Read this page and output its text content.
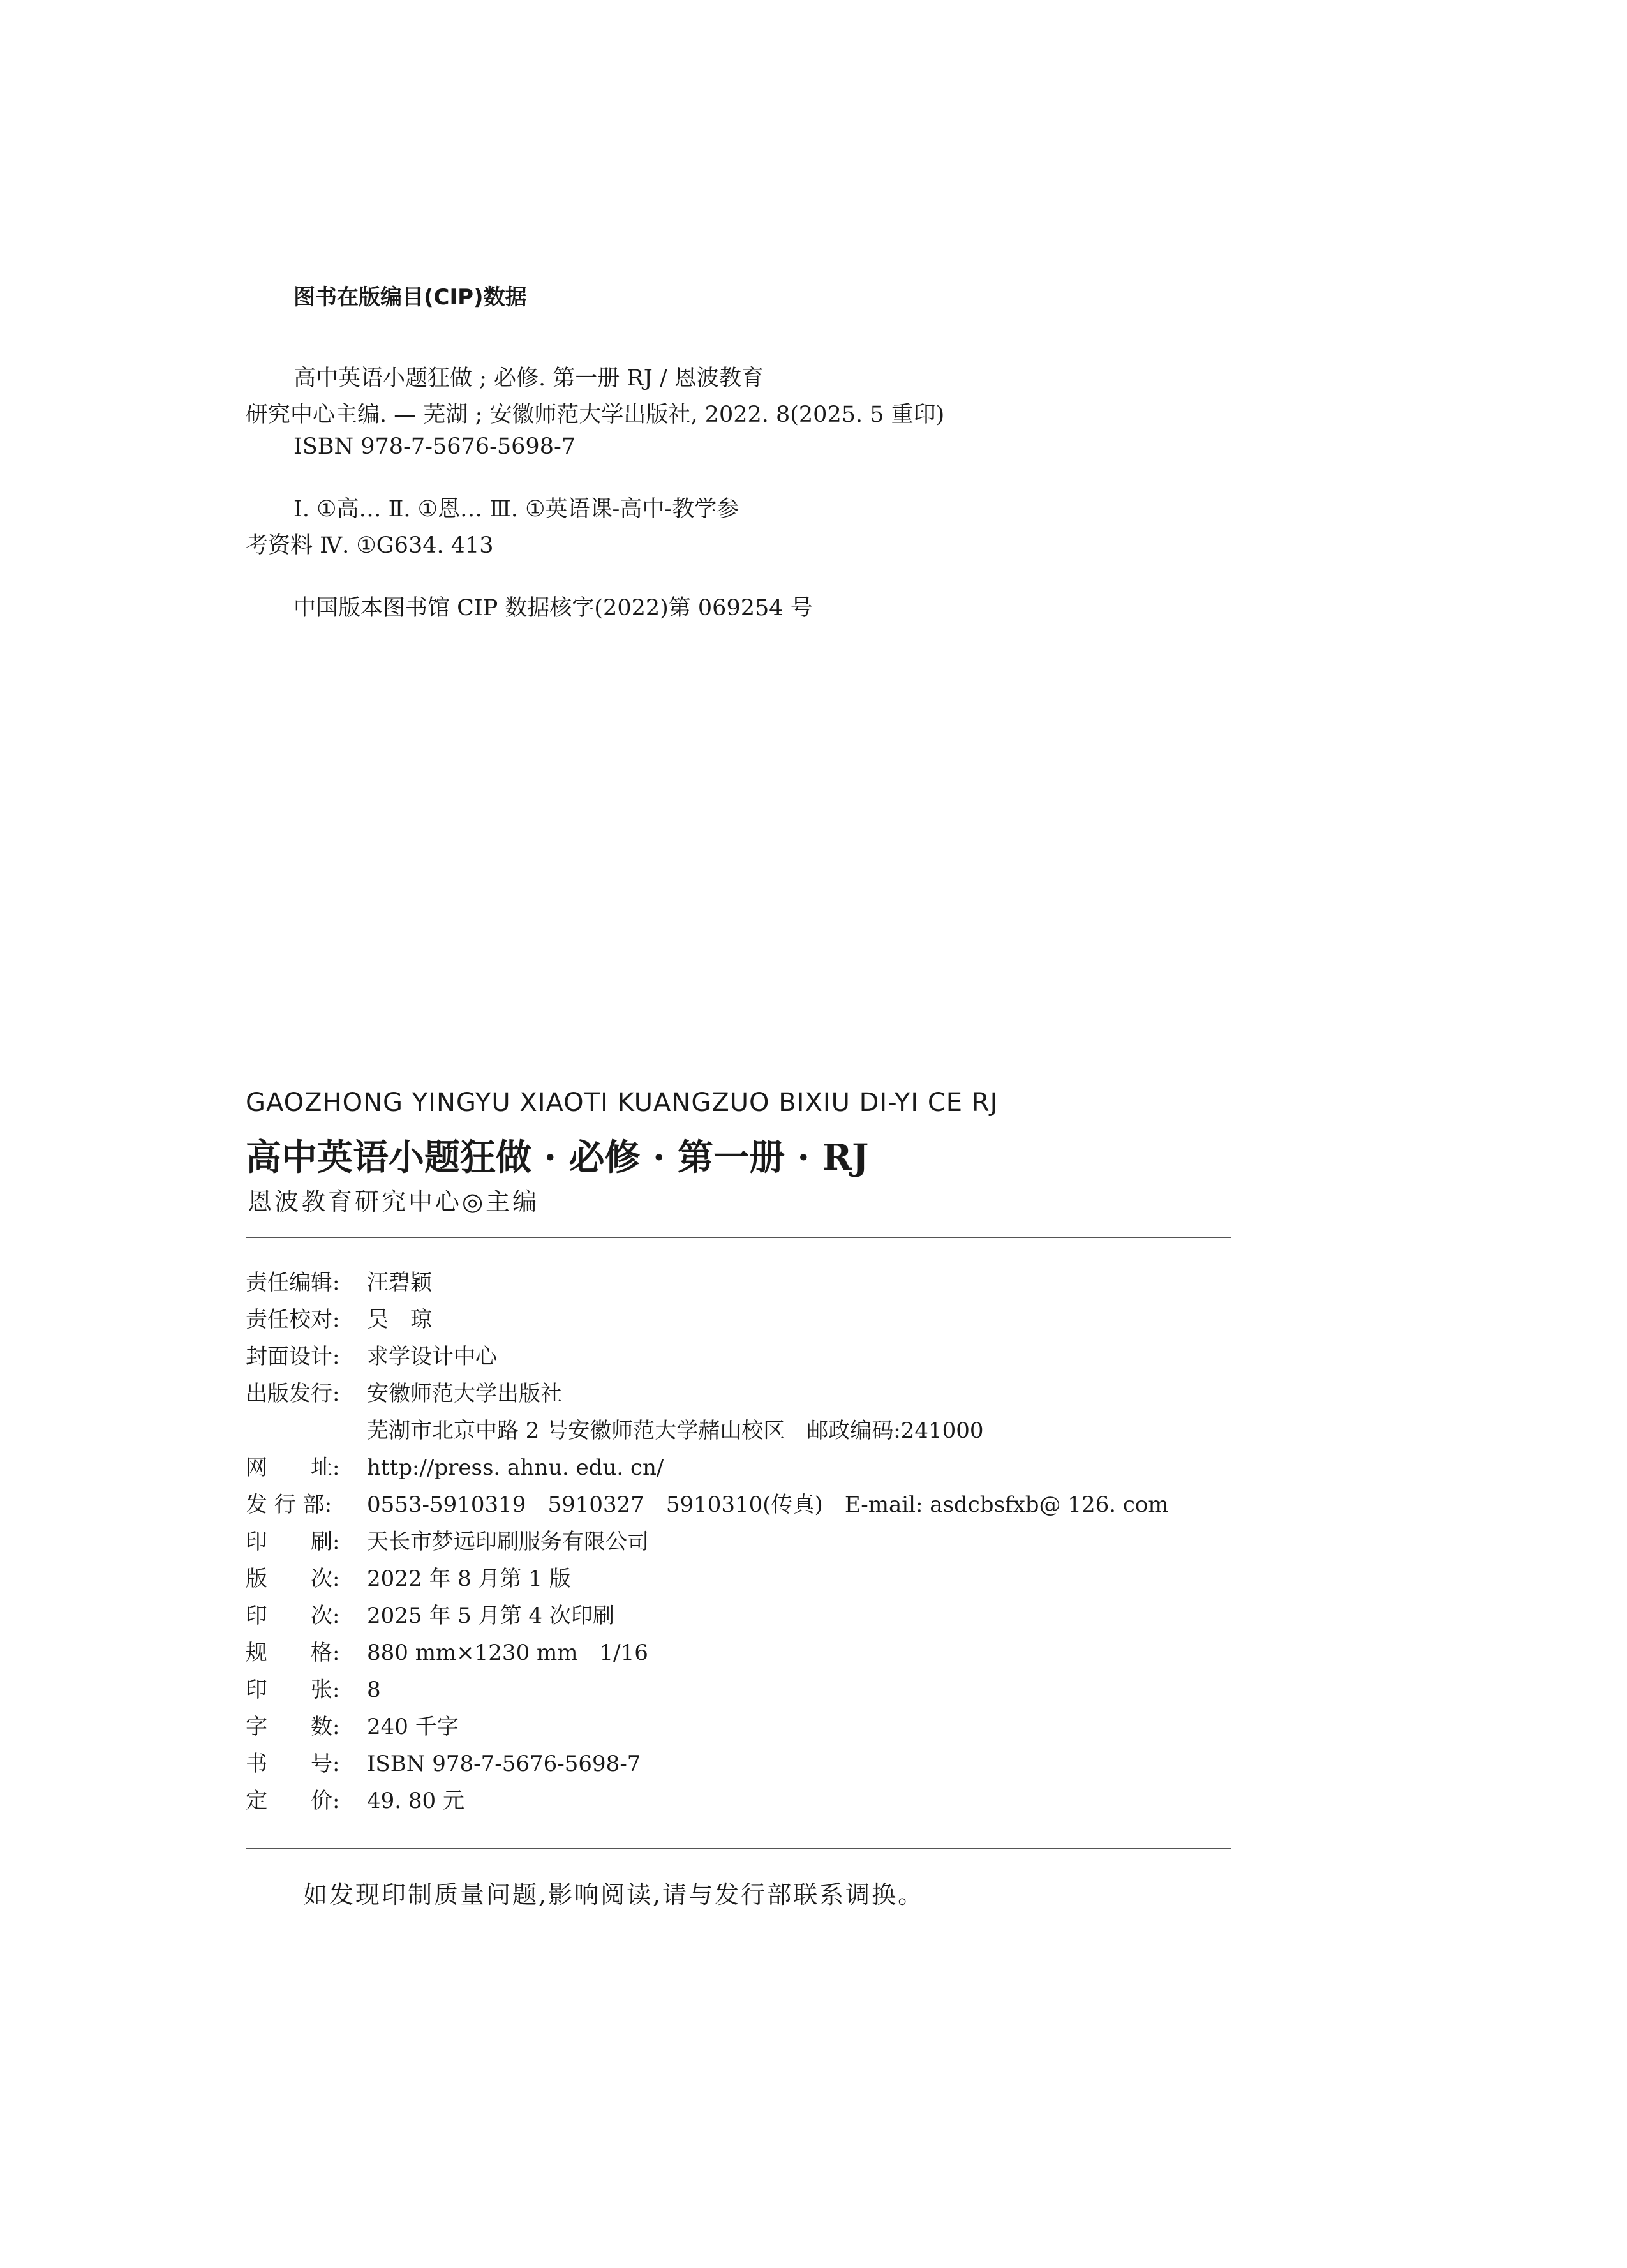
图书在版编目(CIP)数据
高中英语小题狂做 ; 必修. 第一册 RJ / 恩波教育
研究中心主编. — 芜湖 ; 安徽师范大学出版社, 2022. 8(2025. 5 重印)
ISBN 978-7-5676-5698-7
Ⅰ. ①高… Ⅱ. ①恩… Ⅲ. ①英语课-高中-教学参
考资料 Ⅳ. ①G634. 413
中国版本图书馆 CIP 数据核字(2022)第 069254 号
GAOZHONG YINGYU XIAOTI KUANGZUO BIXIU DI-YI CE RJ
高中英语小题狂做 · 必修 · 第一册 · RJ
恩波教育研究中心◎主编
责任编辑: 汪碧颖
责任校对: 吴　琼
封面设计: 求学设计中心
出版发行: 安徽师范大学出版社
芜湖市北京中路 2 号安徽师范大学赭山校区　邮政编码:241000
网　　址: http://press. ahnu. edu. cn/
发 行 部: 0553-5910319　5910327　5910310(传真)　E-mail: asdcbsfxb@ 126. com
印　　刷: 天长市梦远印刷服务有限公司
版　　次: 2022 年 8 月第 1 版
印　　次: 2025 年 5 月第 4 次印刷
规　　格: 880 mm×1230 mm　1/16
印　　张: 8
字　　数: 240 千字
书　　号: ISBN 978-7-5676-5698-7
定　　价: 49. 80 元
如发现印制质量问题,影响阅读,请与发行部联系调换。
